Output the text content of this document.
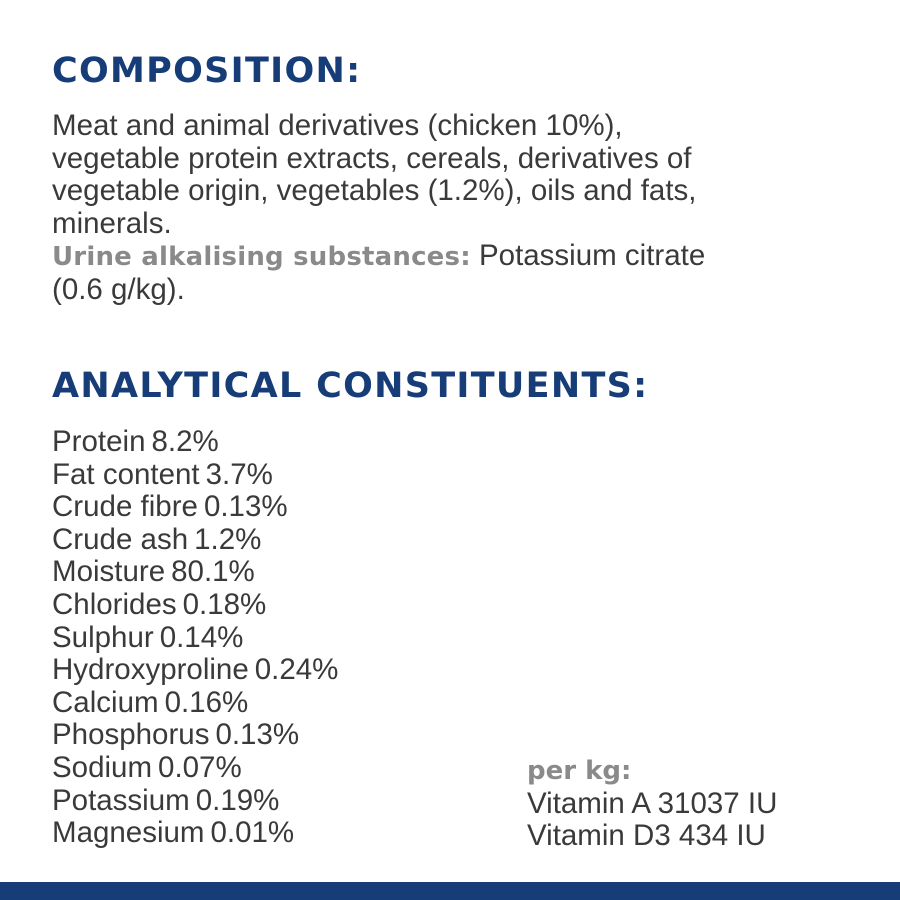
COMPOSITION:

Meat and animal derivatives (chicken 10%),
vegetable protein extracts, cereals, derivatives of
vegetable origin, vegetables (1.2%), oils and fats,
minerals.
Urine alkalising substances: Potassium citrate
(0.6 g/kg).

ANALYTICAL CONSTITUENTS:
Protein 8.2%
Fat content 3.7%
Crude fibre 0.13%
Crude ash 1.2%
Moisture 80.1%
Chlorides 0.18%
Sulphur 0.14%
Hydroxyproline 0.24%
Calcium 0.16%
Phosphorus 0.13%
Sodium 0.07%
Potassium 0.19%
Magnesium 0.01%
per kg:
Vitamin A 31037 IU
Vitamin D3 434 IU
